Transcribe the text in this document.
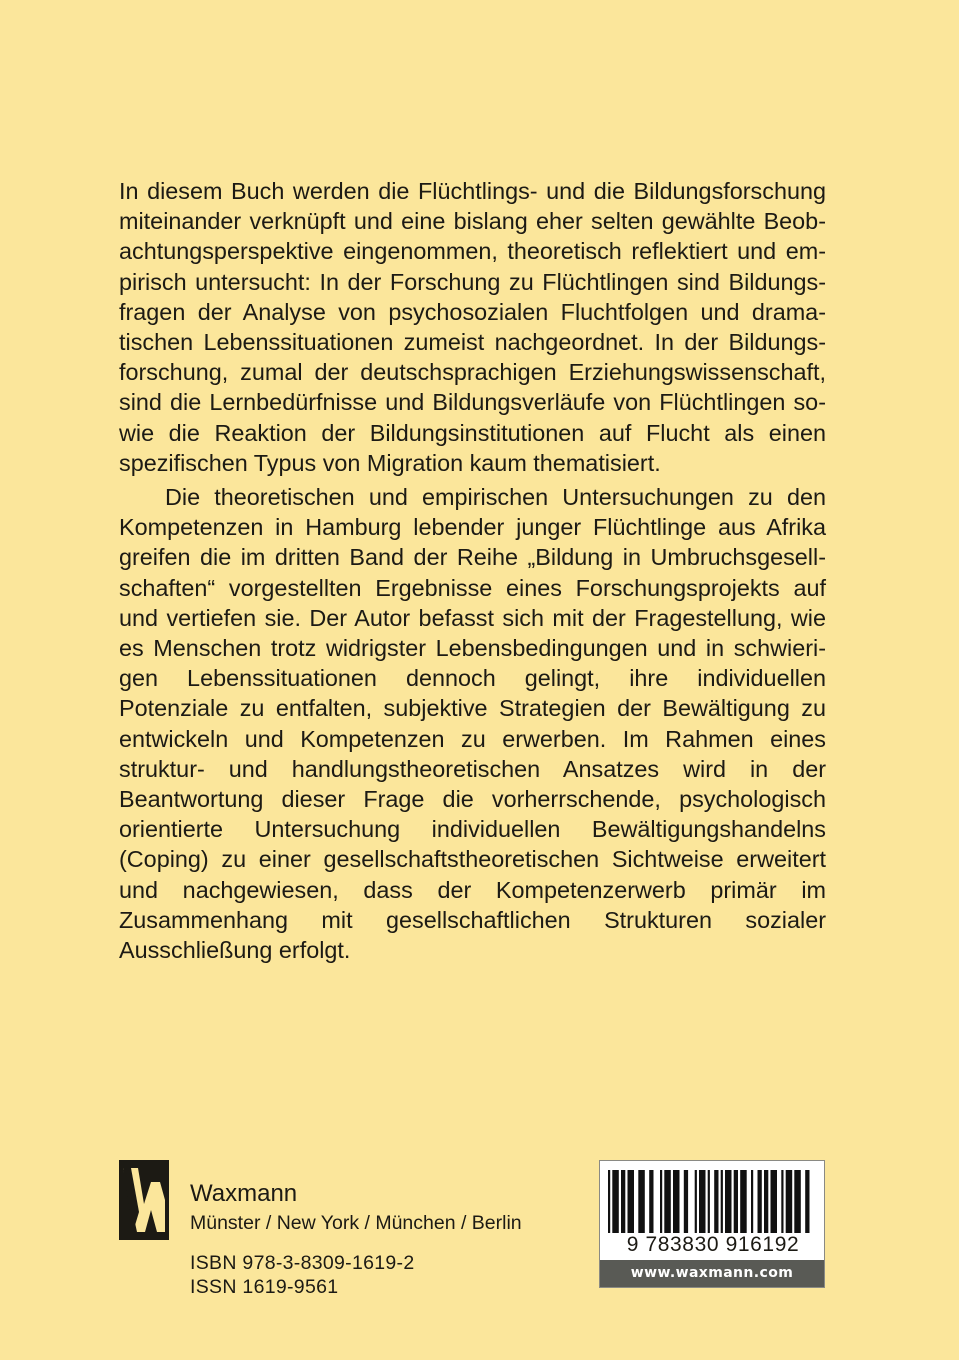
In diesem Buch werden die Flüchtlings- und die Bildungsforschung miteinander verknüpft und eine bislang eher selten gewählte Beobachtungsperspektive eingenommen, theoretisch reflektiert und empirisch untersucht: In der Forschung zu Flüchtlingen sind Bildungsfragen der Analyse von psychosozialen Fluchtfolgen und dramatischen Lebenssituationen zumeist nachgeordnet. In der Bildungsforschung, zumal der deutschsprachigen Erziehungswissenschaft, sind die Lernbedürfnisse und Bildungsverläufe von Flüchtlingen sowie die Reaktion der Bildungsinstitutionen auf Flucht als einen spezifischen Typus von Migration kaum thematisiert.

Die theoretischen und empirischen Untersuchungen zu den Kompetenzen in Hamburg lebender junger Flüchtlinge aus Afrika greifen die im dritten Band der Reihe „Bildung in Umbruchsgesellschaften“ vorgestellten Ergebnisse eines Forschungsprojekts auf und vertiefen sie. Der Autor befasst sich mit der Fragestellung, wie es Menschen trotz widrigster Lebensbedingungen und in schwierigen Lebenssituationen dennoch gelingt, ihre individuellen Potenziale zu entfalten, subjektive Strategien der Bewältigung zu entwickeln und Kompetenzen zu erwerben. Im Rahmen eines struktur- und handlungstheoretischen Ansatzes wird in der Beantwortung dieser Frage die vorherrschende, psychologisch orientierte Untersuchung individuellen Bewältigungshandelns (Coping) zu einer gesellschaftstheoretischen Sichtweise erweitert und nachgewiesen, dass der Kompetenzerwerb primär im Zusammenhang mit gesellschaftlichen Strukturen sozialer Ausschließung erfolgt.

Waxmann
Münster / New York / München / Berlin
ISBN 978-3-8309-1619-2
ISSN 1619-9561
9 783830 916192
www.waxmann.com
